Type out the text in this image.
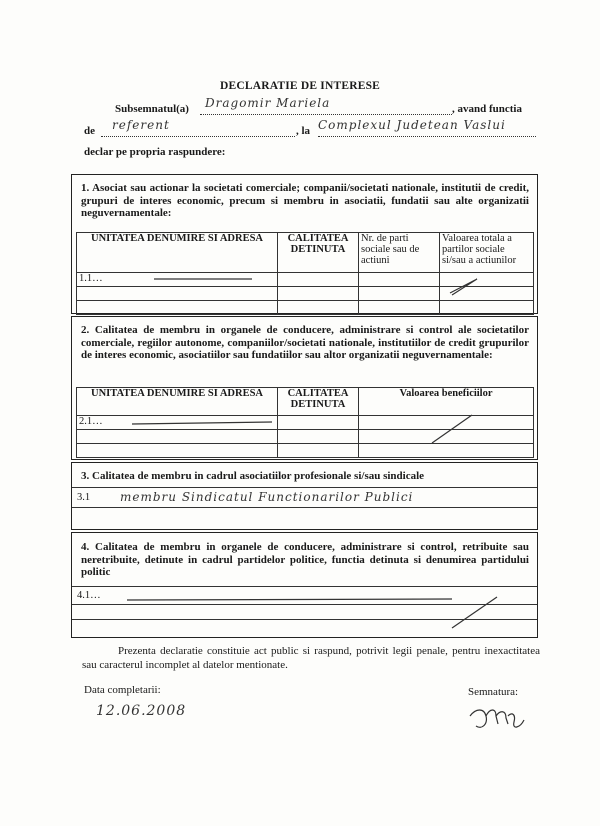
DECLARATIE DE INTERESE
Subsemnatul(a) Dragomir Mariela	, avand functia
de referent	, la Complexul Judetean Vaslui
declar pe propria raspundere:
1. Asociat sau actionar la societati comerciale; companii/societati nationale, institutii de credit, grupuri de interes economic, precum si membru in asociatii, fundatii sau alte organizatii neguvernamentale:
UNITATEA DENUMIRE SI ADRESA	CALITATEA DETINUTA	Nr. de parti sociale sau de actiuni	Valoarea totala a partilor sociale si/sau a actiunilor
1.1…			

2. Calitatea de membru in organele de conducere, administrare si control ale societatilor comerciale, regiilor autonome, companiilor/societati nationale, institutiilor de credit grupurilor de interes economic, asociatiilor sau fundatiilor sau altor organizatii neguvernamentale:
UNITATEA DENUMIRE SI ADRESA	CALITATEA DETINUTA	Valoarea beneficiilor
2.1…		

3. Calitatea de membru in cadrul asociatiilor profesionale si/sau sindicale
3.1 membru Sindicatul Functionarilor Publici
4. Calitatea de membru in organele de conducere, administrare si control, retribuite sau neretribuite, detinute in cadrul partidelor politice, functia detinuta si denumirea partidului politic
4.1…
Prezenta declaratie constituie act public si raspund, potrivit legii penale, pentru inexactitatea sau caracterul incomplet al datelor mentionate.
Data completarii:
12.06.2008
Semnatura:
